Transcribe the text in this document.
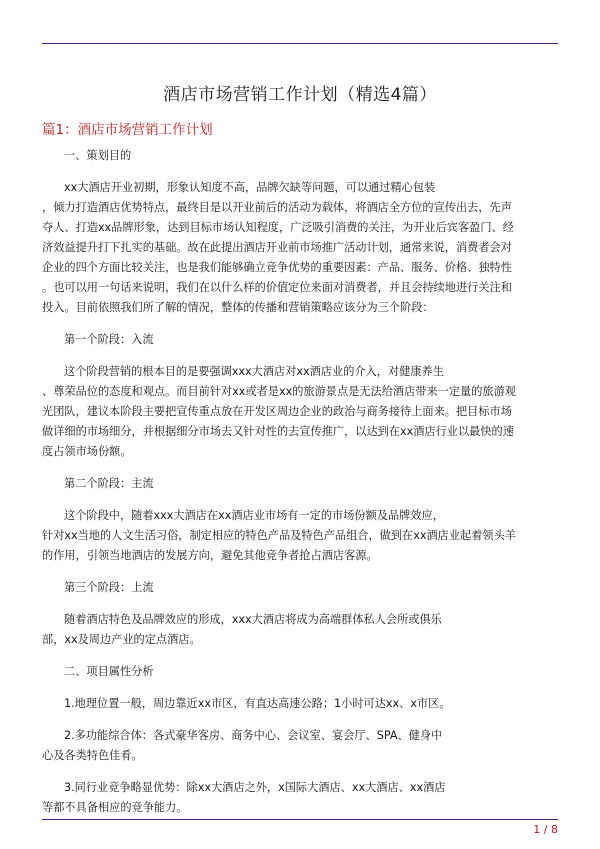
酒店市场营销工作计划（精选4篇）
篇1：酒店市场营销工作计划

一、策划目的

xx大酒店开业初期，形象认知度不高，品牌欠缺等问题，可以通过精心包装

，倾力打造酒店优势特点，最终目是以开业前后的活动为载体，将酒店全方位的宣传出去，先声

夺人、打造xx品牌形象，达到目标市场认知程度，广泛吸引消费的关注，为开业后宾客盈门、经

济效益提升打下扎实的基础。故在此提出酒店开业前市场推广活动计划，通常来说，消费者会对

企业的四个方面比较关注，也是我们能够确立竞争优势的重要因素：产品、服务、价格、独特性

。也可以用一句话来说明，我们在以什么样的价值定位来面对消费者，并且会持续地进行关注和

投入。目前依照我们所了解的情况，整体的传播和营销策略应该分为三个阶段：

第一个阶段：入流

这个阶段营销的根本目的是要强调xxx大酒店对xx酒店业的介入，对健康养生

、尊荣品位的态度和观点。而目前针对xx或者是xx的旅游景点是无法给酒店带来一定量的旅游观

光团队，建议本阶段主要把宣传重点放在开发区周边企业的政治与商务接待上面来。把目标市场

做详细的市场细分，并根据细分市场去又针对性的去宣传推广，以达到在xx酒店行业以最快的速

度占领市场份额。

第二个阶段：主流

这个阶段中，随着xxx大酒店在xx酒店业市场有一定的市场份额及品牌效应，

针对xx当地的人文生活习俗，制定相应的特色产品及特色产品组合，做到在xx酒店业起着领头羊

的作用，引领当地酒店的发展方向，避免其他竞争者抢占酒店客源。

第三个阶段：上流

随着酒店特色及品牌效应的形成，xxx大酒店将成为高端群体私人会所或俱乐

部，xx及周边产业的定点酒店。

二、项目属性分析

1.地理位置一般，周边靠近xx市区，有直达高速公路；1小时可达xx、x市区。

2.多功能综合体：各式豪华客房、商务中心、会议室、宴会厅、SPA、健身中

心及各类特色佳肴。

3.同行业竞争略显优势：除xx大酒店之外，x国际大酒店、xx大酒店、xx酒店

等都不具备相应的竞争能力。

1 / 8
